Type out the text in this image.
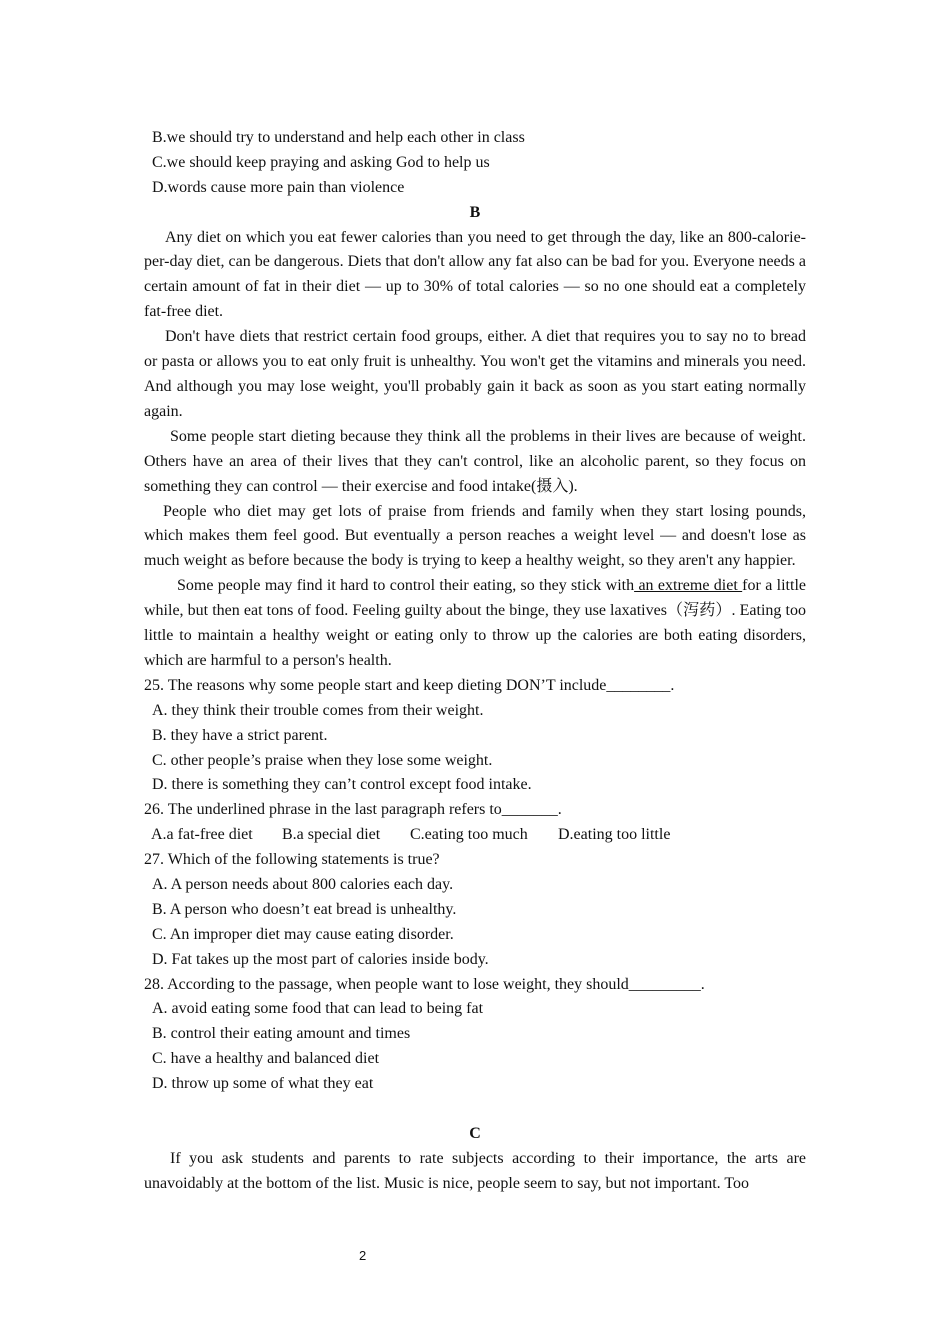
B.we should try to understand and help each other in class
C.we should keep praying and asking God to help us
D.words cause more pain than violence
B

Any diet on which you eat fewer calories than you need to get through the day, like an 800-calorie-per-day diet, can be dangerous. Diets that don't allow any fat also can be bad for you. Everyone needs a certain amount of fat in their diet — up to 30% of total calories — so no one should eat a completely fat-free diet.

Don't have diets that restrict certain food groups, either. A diet that requires you to say no to bread or pasta or allows you to eat only fruit is unhealthy. You won't get the vitamins and minerals you need. And although you may lose weight, you'll probably gain it back as soon as you start eating normally again.

Some people start dieting because they think all the problems in their lives are because of weight. Others have an area of their lives that they can't control, like an alcoholic parent, so they focus on something they can control — their exercise and food intake(摄入).

People who diet may get lots of praise from friends and family when they start losing pounds, which makes them feel good. But eventually a person reaches a weight level — and doesn't lose as much weight as before because the body is trying to keep a healthy weight, so they aren't any happier.

Some people may find it hard to control their eating, so they stick with an extreme diet for a little while, but then eat tons of food. Feeling guilty about the binge, they use laxatives（泻药）. Eating too little to maintain a healthy weight or eating only to throw up the calories are both eating disorders, which are harmful to a person's health.

25. The reasons why some people start and keep dieting DON’T include________.
A. they think their trouble comes from their weight.
B. they have a strict parent.
C. other people’s praise when they lose some weight.
D. there is something they can’t control except food intake.
26. The underlined phrase in the last paragraph refers to_______.
A.a fat-free diet	B.a special diet	C.eating too much	D.eating too little
27. Which of the following statements is true?
A. A person needs about 800 calories each day.
B. A person who doesn’t eat bread is unhealthy.
C. An improper diet may cause eating disorder.
D. Fat takes up the most part of calories inside body.
28. According to the passage, when people want to lose weight, they should_________.
A. avoid eating some food that can lead to being fat
B. control their eating amount and times
C. have a healthy and balanced diet
D. throw up some of what they eat
C

If you ask students and parents to rate subjects according to their importance, the arts are unavoidably at the bottom of the list. Music is nice, people seem to say, but not important. Too

2
